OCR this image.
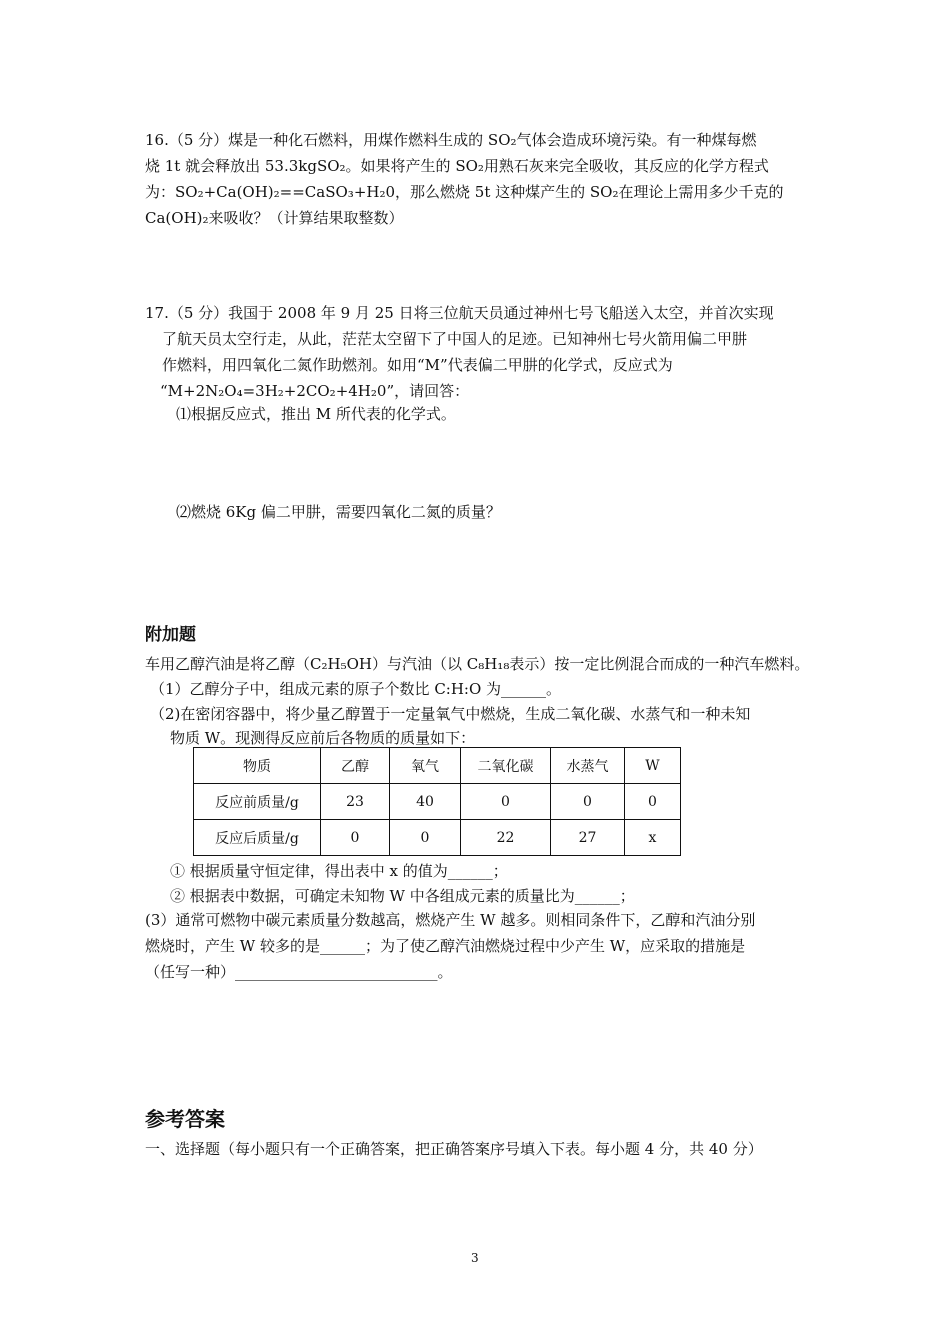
16.（5 分）煤是一种化石燃料，用煤作燃料生成的 SO₂气体会造成环境污染。有一种煤每燃
烧 1t 就会释放出 53.3kgSO₂。如果将产生的 SO₂用熟石灰来完全吸收，其反应的化学方程式
为：SO₂+Ca(OH)₂==CaSO₃+H₂0，那么燃烧 5t 这种煤产生的 SO₂在理论上需用多少千克的
Ca(OH)₂来吸收？（计算结果取整数）
17.（5 分）我国于 2008 年 9 月 25 日将三位航天员通过神州七号飞船送入太空，并首次实现
了航天员太空行走，从此，茫茫太空留下了中国人的足迹。已知神州七号火箭用偏二甲肼
作燃料，用四氧化二氮作助燃剂。如用“M”代表偏二甲肼的化学式，反应式为
“M+2N₂O₄=3H₂+2CO₂+4H₂0”，请回答：
⑴根据反应式，推出 M 所代表的化学式。
⑵燃烧 6Kg 偏二甲肼，需要四氧化二氮的质量？
附加题
车用乙醇汽油是将乙醇（C₂H₅OH）与汽油（以 C₈H₁₈表示）按一定比例混合而成的一种汽车燃料。
（1）乙醇分子中，组成元素的原子个数比 C:H:O 为______。
（2)在密闭容器中，将少量乙醇置于一定量氧气中燃烧，生成二氧化碳、水蒸气和一种未知
物质 W。现测得反应前后各物质的质量如下：
物质	乙醇	氧气	二氧化碳	水蒸气	W
反应前质量/g	23	40	0	0	0
反应后质量/g	0	0	22	27	x
① 根据质量守恒定律，得出表中 x 的值为______；
② 根据表中数据，可确定未知物 W 中各组成元素的质量比为______；
(3）通常可燃物中碳元素质量分数越高，燃烧产生 W 越多。则相同条件下，乙醇和汽油分别
燃烧时，产生 W 较多的是______；为了使乙醇汽油燃烧过程中少产生 W，应采取的措施是
（任写一种）___________________________。
参考答案
一、选择题（每小题只有一个正确答案，把正确答案序号填入下表。每小题 4 分，共 40 分）
3
